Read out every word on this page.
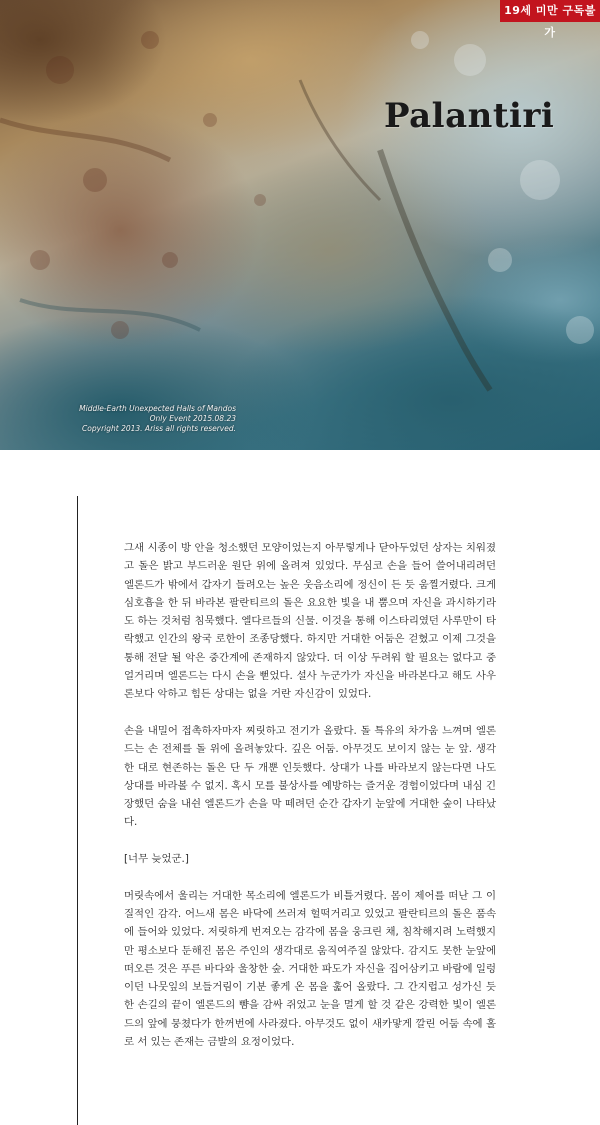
19세 미만 구독불가
Palantiri
Middle-Earth Unexpected Halls of Mandos
Only Event 2015.08.23
Copyright 2013. Ariss all rights reserved.

그새 시종이 방 안을 청소했던 모양이었는지 아무렇게나 닫아두었던 상자는 치워졌고 돌은 밝고 부드러운 원단 위에 올려져 있었다. 무심코 손을 들어 쓸어내리려던 엘론드가 밖에서 갑자기 들려오는 높은 웃음소리에 정신이 든 듯 움찔거렸다. 크게 심호흡을 한 뒤 바라본 팔란티르의 돌은 요요한 빛을 내 뿜으며 자신을 과시하기라도 하는 것처럼 침묵했다. 엘다르들의 신물. 이것을 통해 이스타리였던 사루만이 타락했고 인간의 왕국 로한이 조종당했다. 하지만 거대한 어둠은 걷혔고 이제 그것을 통해 전달 될 악은 중간계에 존재하지 않았다. 더 이상 두려워 할 필요는 없다고 중얼거리며 엘론드는 다시 손을 뻗었다. 설사 누군가가 자신을 바라본다고 해도 사우론보다 악하고 힘든 상대는 없을 거란 자신감이 있었다.

손을 내밀어 접촉하자마자 찌릿하고 전기가 올랐다. 돌 특유의 차가움 느껴며 엘론드는 손 전체를 돌 위에 올려놓았다. 깊은 어둠. 아무것도 보이지 않는 눈 앞. 생각한 대로 현존하는 돌은 단 두 개뿐 인듯했다. 상대가 나를 바라보지 않는다면 나도 상대를 바라볼 수 없지. 혹시 모를 불상사를 예방하는 즐거운 경험이었다며 내심 긴장했던 숨을 내쉰 엘론드가 손을 막 떼려던 순간 갑자기 눈앞에 거대한 숲이 나타났다.

[너무 늦었군.]

머릿속에서 울리는 거대한 목소리에 엘론드가 비틀거렸다. 몸이 제어를 떠난 그 이질적인 감각. 어느새 몸은 바닥에 쓰러져 헐떡거리고 있었고 팔란티르의 돌은 품속에 들어와 있었다. 저릿하게 번져오는 감각에 몸을 웅크린 채, 침착해지려 노력했지만 평소보다 둔해진 몸은 주인의 생각대로 움직여주질 않았다. 감지도 못한 눈앞에 떠오른 것은 푸른 바다와 울창한 숲. 거대한 파도가 자신을 집어삼키고 바람에 일렁이던 나뭇잎의 보들거림이 기분 좋게 온 몸을 훑어 올랐다. 그 간지럽고 성가신 듯 한 손길의 끝이 엘론드의 뺨을 감싸 쥐었고 눈을 멀게 할 것 같은 강력한 빛이 엘론드의 앞에 뭉쳤다가 한꺼번에 사라졌다. 아무것도 없이 새카맣게 깔린 어둠 속에 홀로 서 있는 존재는 금발의 요정이었다.
